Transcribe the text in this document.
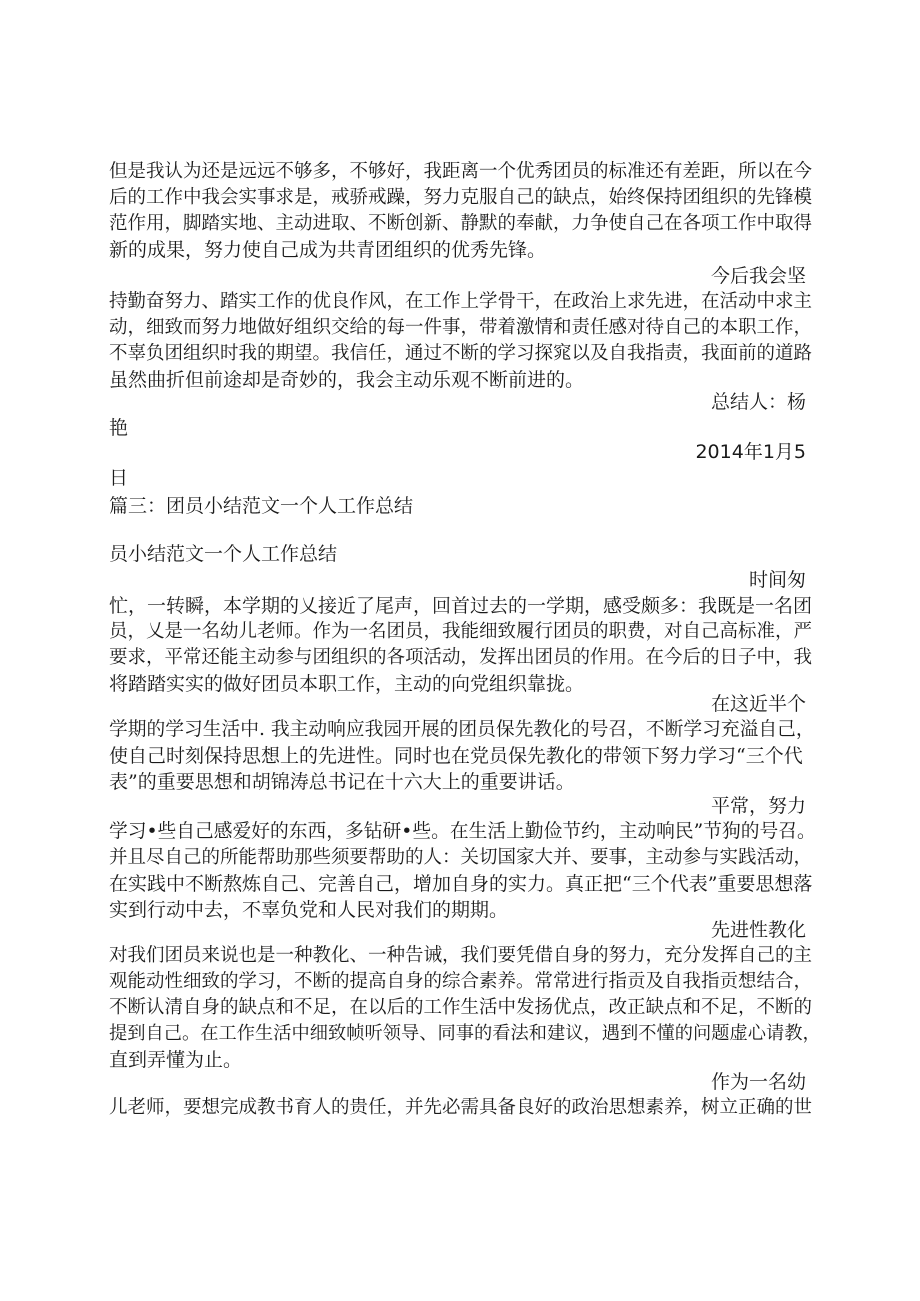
但是我认为还是远远不够多，不够好，我距离一个优秀团员的标准还有差距，所以在今
后的工作中我会实事求是，戒骄戒躁，努力克服自己的缺点，始终保持团组织的先锋模
范作用，脚踏实地、主动进取、不断创新、静默的奉献，力争使自己在各项工作中取得
新的成果，努力使自己成为共青团组织的优秀先锋。
今后我会坚
持勤奋努力、踏实工作的优良作风，在工作上学骨干，在政治上求先进，在活动中求主
动，细致而努力地做好组织交给的每一件事，带着激情和责任感对待自己的本职工作，
不辜负团组织时我的期望。我信任，通过不断的学习探窕以及自我指责，我面前的道路
虽然曲折但前途却是奇妙的，我会主动乐观不断前进的。
总结人：杨
艳
2014年1月5
日
篇三：团员小结范文一个人工作总结
员小结范文一个人工作总结
时间匆
忙，一转瞬，本学期的乂接近了尾声，回首过去的一学期，感受颇多：我既是一名团
员，乂是一名幼儿老师。作为一名团员，我能细致履行团员的职费，对自己高标准，严
要求，平常还能主动参与团组织的各项活动，发挥出团员的作用。在今后的日子中，我
将踏踏实实的做好团员本职工作，主动的向党组织靠拢。
在这近半个
学期的学习生活中. 我主动响应我园开展的团员保先教化的号召，不断学习充溢自己，
使自己时刻保持思想上的先进性。同时也在党员保先教化的带领下努力学习“三个代
表”的重要思想和胡锦涛总书记在十六大上的重要讲话。
平常，努力
学习•些自己感爱好的东西，多钻研•些。在生活上勤俭节约，主动响民”节狗的号召。
并且尽自己的所能帮助那些须要帮助的人：关切国家大并、要事，主动参与实践活动，
在实践中不断熬炼自己、完善自己，增加自身的实力。真正把“三个代表”重要思想落
实到行动中去，不辜负党和人民对我们的期期。
先进性教化
对我们团员来说也是一种教化、一种告诫，我们要凭借自身的努力，充分发挥自己的主
观能动性细致的学习，不断的提高自身的综合素养。常常进行指贡及自我指贡想结合，
不断认清自身的缺点和不足，在以后的工作生活中发扬优点，改正缺点和不足，不断的
提到自己。在工作生活中细致帧听领导、同事的看法和建议，遇到不懂的问题虚心请教，
直到弄懂为止。
作为一名幼
儿老师，要想完成教书育人的贵任，并先必需具备良好的政治思想素养，树立正确的世
